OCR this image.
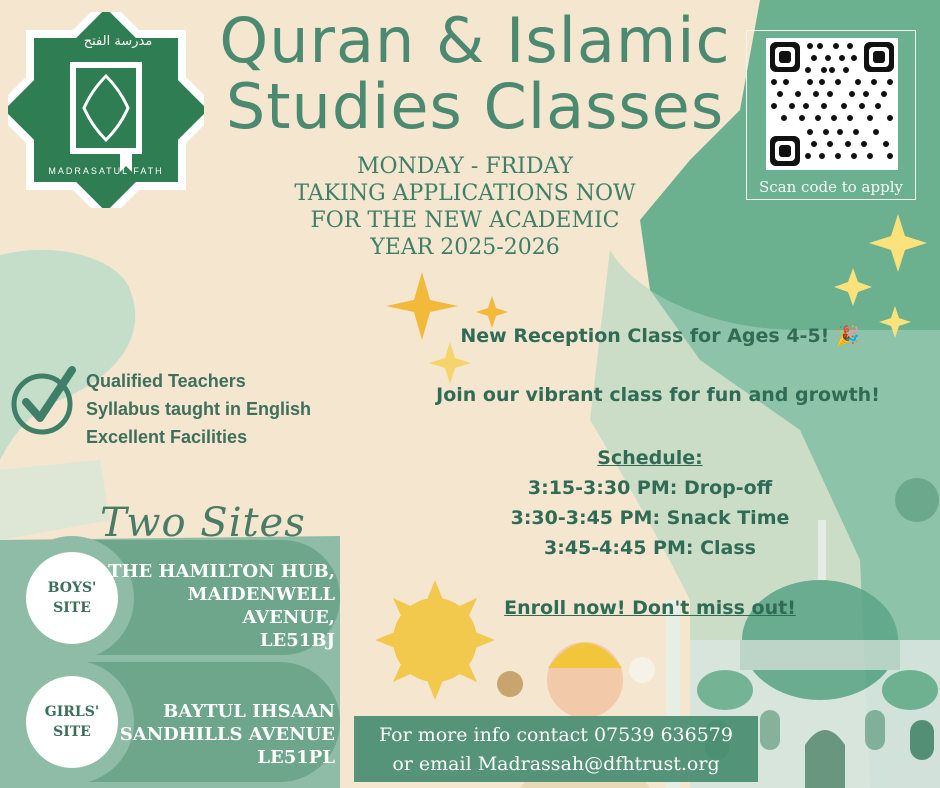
مدرسة الفتح
MADRASATUL FATH
Quran & Islamic
Studies Classes
MONDAY - FRIDAY
TAKING APPLICATIONS NOW
FOR THE NEW ACADEMIC
YEAR 2025-2026
Scan code to apply
Qualified Teachers
Syllabus taught in English
Excellent Facilities
New Reception Class for Ages 4-5! 🎉
Join our vibrant class for fun and growth!
Schedule:
3:15-3:30 PM: Drop-off
3:30-3:45 PM: Snack Time
3:45-4:45 PM: Class
Enroll now! Don't miss out!
Two Sites
BOYS'
SITE
THE HAMILTON HUB,
MAIDENWELL
AVENUE,
LE51BJ
GIRLS'
SITE
BAYTUL IHSAAN
SANDHILLS AVENUE
LE51PL
For more info contact 07539 636579
or email Madrassah@dfhtrust.org
